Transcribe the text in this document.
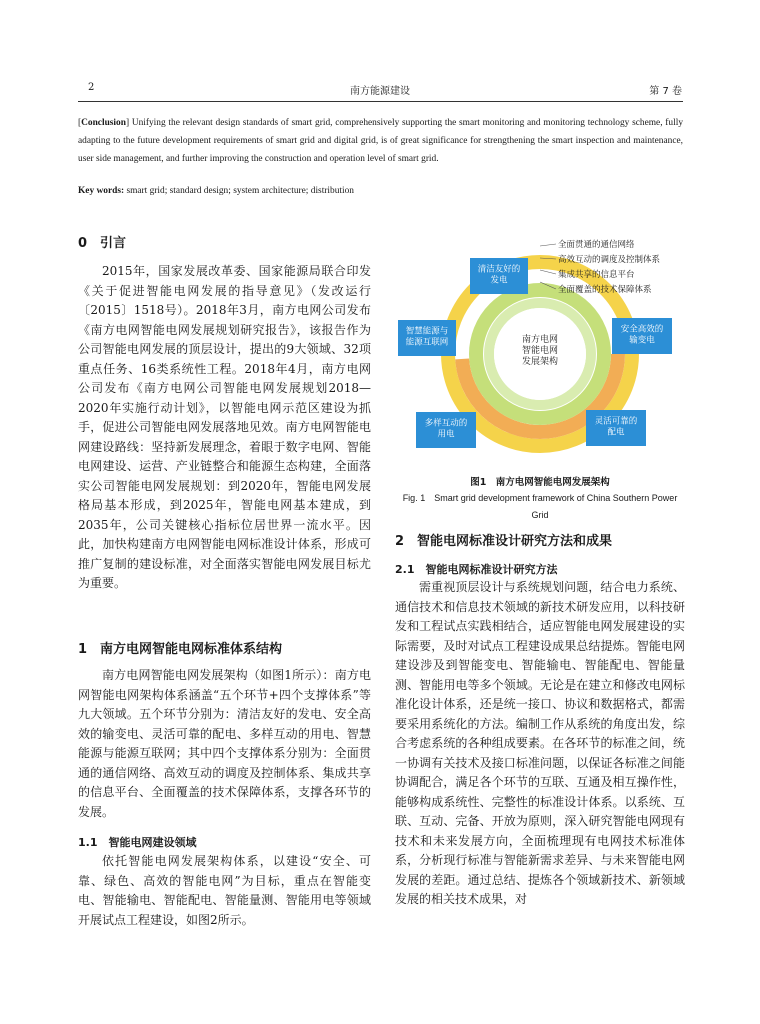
2	南方能源建设	第 7 卷
[Conclusion] Unifying the relevant design standards of smart grid, comprehensively supporting the smart monitoring and monitoring technology scheme, fully adapting to the future development requirements of smart grid and digital grid, is of great significance for strengthening the smart inspection and maintenance, user side management, and further improving the construction and operation level of smart grid.
Key words: smart grid; standard design; system architecture; distribution
0　引言

2015年，国家发展改革委、国家能源局联合印发《关于促进智能电网发展的指导意见》（发改运行〔2015〕1518号）。2018年3月，南方电网公司发布《南方电网智能电网发展规划研究报告》，该报告作为公司智能电网发展的顶层设计，提出的9大领域、32项重点任务、16类系统性工程。2018年4月，南方电网公司发布《南方电网公司智能电网发展规划2018—2020年实施行动计划》，以智能电网示范区建设为抓手，促进公司智能电网发展落地见效。南方电网智能电网建设路线：坚持新发展理念，着眼于数字电网、智能电网建设、运营、产业链整合和能源生态构建，全面落实公司智能电网发展规划：到2020年，智能电网发展格局基本形成，到2025年，智能电网基本建成，到2035年，公司关键核心指标位居世界一流水平。因此，加快构建南方电网智能电网标准设计体系，形成可推广复制的建设标准，对全面落实智能电网发展目标尤为重要。

1　南方电网智能电网标准体系结构

南方电网智能电网发展架构（如图1所示）：南方电网智能电网架构体系涵盖“五个环节+四个支撑体系”等九大领域。五个环节分别为：清洁友好的发电、安全高效的输变电、灵活可靠的配电、多样互动的用电、智慧能源与能源互联网；其中四个支撑体系分别为：全面贯通的通信网络、高效互动的调度及控制体系、集成共享的信息平台、全面覆盖的技术保障体系，支撑各环节的发展。

1.1　智能电网建设领域

依托智能电网发展架构体系，以建设“安全、可靠、绿色、高效的智能电网”为目标，重点在智能变电、智能输电、智能配电、智能量测、智能用电等领域开展试点工程建设，如图2所示。

南方电网智能电网发展架构
清洁友好的发电
安全高效的输变电
灵活可靠的配电
多样互动的用电
智慧能源与能源互联网
全面贯通的通信网络
高效互动的调度及控制体系
集成共享的信息平台
全面覆盖的技术保障体系
图1　南方电网智能电网发展架构
Fig. 1　Smart grid development framework of China Southern Power Grid
2　智能电网标准设计研究方法和成果
2.1　智能电网标准设计研究方法

需重视顶层设计与系统规划问题，结合电力系统、通信技术和信息技术领域的新技术研发应用，以科技研发和工程试点实践相结合，适应智能电网发展建设的实际需要，及时对试点工程建设成果总结提炼。智能电网建设涉及到智能变电、智能输电、智能配电、智能量测、智能用电等多个领域。无论是在建立和修改电网标准化设计体系，还是统一接口、协议和数据格式，都需要采用系统化的方法。编制工作从系统的角度出发，综合考虑系统的各种组成要素。在各环节的标准之间，统一协调有关技术及接口标准问题，以保证各标准之间能协调配合，满足各个环节的互联、互通及相互操作性，能够构成系统性、完整性的标准设计体系。以系统、互联、互动、完备、开放为原则，深入研究智能电网现有技术和未来发展方向，全面梳理现有电网技术标准体系，分析现行标准与智能新需求差异、与未来智能电网发展的差距。通过总结、提炼各个领域新技术、新领域发展的相关技术成果，对
